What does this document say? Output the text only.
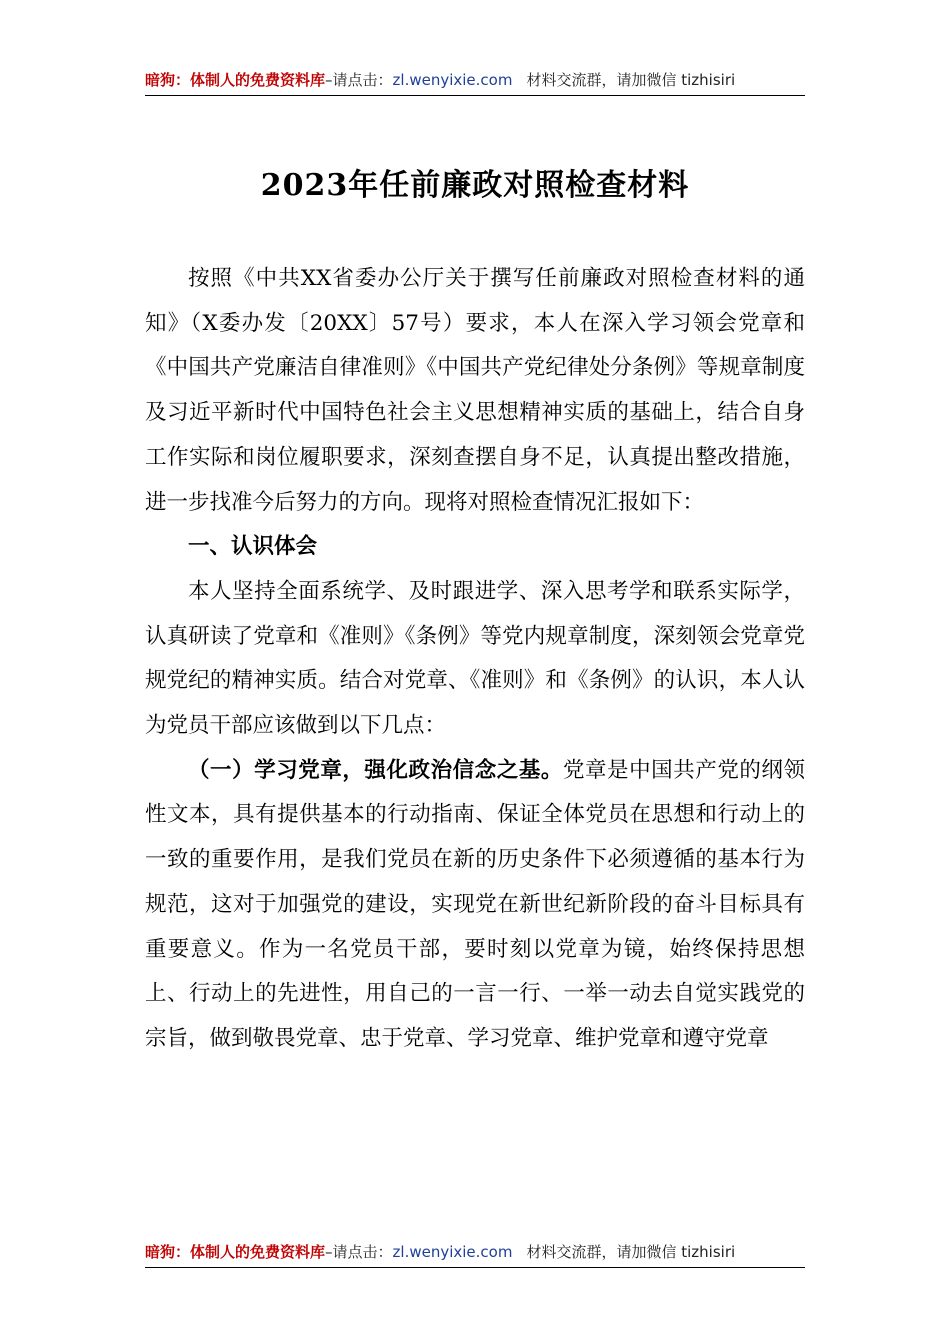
暗狗：体制人的免费资料库–请点击：zl.wenyixie.com 材料交流群，请加微信 tizhisiri
2023年任前廉政对照检查材料

按照《中共XX省委办公厅关于撰写任前廉政对照检查材料的通知》（X委办发〔20XX〕57号）要求，本人在深入学习领会党章和《中国共产党廉洁自律准则》《中国共产党纪律处分条例》等规章制度及习近平新时代中国特色社会主义思想精神实质的基础上，结合自身工作实际和岗位履职要求，深刻查摆自身不足，认真提出整改措施，进一步找准今后努力的方向。现将对照检查情况汇报如下：

一、认识体会

本人坚持全面系统学、及时跟进学、深入思考学和联系实际学，认真研读了党章和《准则》《条例》等党内规章制度，深刻领会党章党规党纪的精神实质。结合对党章、《准则》和《条例》的认识，本人认为党员干部应该做到以下几点：

（一）学习党章，强化政治信念之基。党章是中国共产党的纲领性文本，具有提供基本的行动指南、保证全体党员在思想和行动上的一致的重要作用，是我们党员在新的历史条件下必须遵循的基本行为规范，这对于加强党的建设，实现党在新世纪新阶段的奋斗目标具有重要意义。作为一名党员干部，要时刻以党章为镜，始终保持思想上、行动上的先进性，用自己的一言一行、一举一动去自觉实践党的宗旨，做到敬畏党章、忠于党章、学习党章、维护党章和遵守党章

暗狗：体制人的免费资料库–请点击：zl.wenyixie.com 材料交流群，请加微信 tizhisiri
